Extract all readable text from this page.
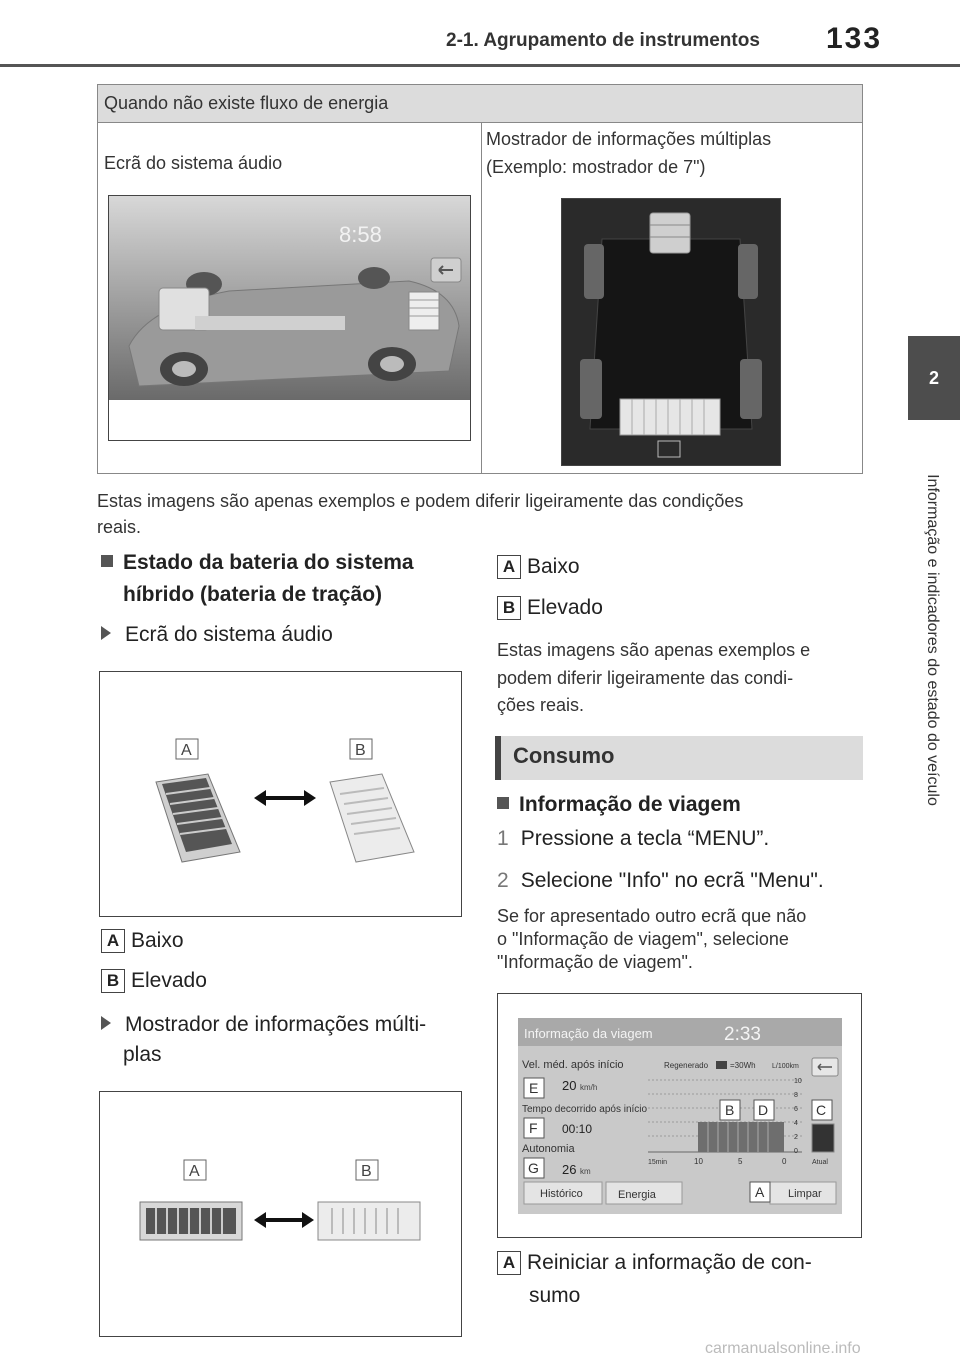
2-1. Agrupamento de instrumentos 133
2
Informação e indicadores do estado do veículo
Quando não existe fluxo de energia
Ecrã do sistema áudio
Mostrador de informações múltiplas
(Exemplo: mostrador de 7")
8:58
Estas imagens são apenas exemplos e podem diferir ligeiramente das condições
reais.
Estado da bateria do sistema
híbrido (bateria de tração)
Ecrã do sistema áudio
A	B
A Baixo
B Elevado
Mostrador de informações múlti-
plas
A	B
A Baixo
B Elevado
Estas imagens são apenas exemplos e
podem diferir ligeiramente das condi-
ções reais.
Consumo
Informação de viagem
1 Pressione a tecla “MENU”.
2 Selecione "Info" no ecrã "Menu".
Se for apresentado outro ecrã que não
o "Informação de viagem", selecione
"Informação de viagem".
Informação da viagem	2:33
Vel. méd. após início
20 km/h
Tempo decorrido após início
00:10
Autonomia
26 km
Regenerado	=30Wh L/100km
10
8
6
4
2
0
15min	10	5	0	Atual
Histórico	Energia	Limpar
E
F
G
B D	C
A
A Reiniciar a informação de con-
sumo
carmanualsonline.info
